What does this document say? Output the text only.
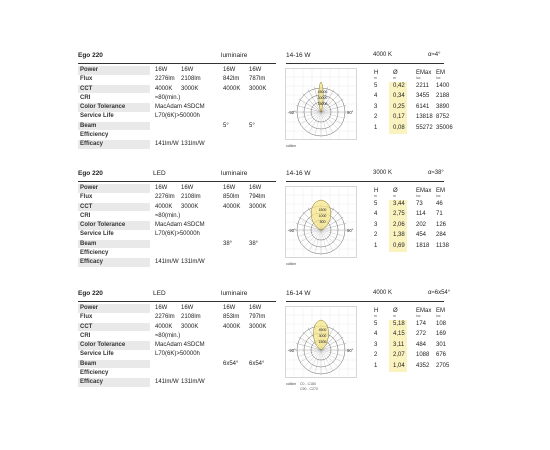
Ego 220	luminaire
Power	16W 16W	16W 16W
Flux	2276lm 2108lm	842lm 787lm
CCT	4000K 3000K	4000K 3000K
CRI	≈80(min.)
Color Tolerance	MacAdam 4SDCM
Service Life	L70(6K)>50000h
Beam	5°	5°
Efficiency
Efficacy	141lm/W 131lm/W
14-16 W	4000 K	α≈4°
45000
30000
15000
-90°	90°
cd/klm
H
m
Ø
m
EMax
lux
EM
lux
5	0,42 2211 1400
4	0,34 3455 2188
3	0,25 6141 3890
2	0,17 13818 8752
1	0,08 55272 35006
Ego 220	LED	luminaire
Power	16W 16W	16W 16W
Flux	2276lm 2108lm	850lm 794lm
CCT	4000K 3000K	4000K 3000K
CRI	≈80(min.)
Color Tolerance	MacAdam 4SDCM
Service Life	L70(6K)>50000h
Beam	38°	38°
Efficiency
Efficacy	141lm/W 131lm/W
14-16 W	3000 K	α≈38°
1500
1000
500
-90°	90°
cd/klm
H
m
Ø
m
EMax
lux
EM
lux
5	3,44 73 46
4	2,75 114 71
3	2,06 202 126
2	1,38 454 284
1	0,69 1818 1138
Ego 220	LED	luminaire
Power	16W 16W	16W 16W
Flux	2276lm 2108lm	853lm 797lm
CCT	4000K 3000K	4000K 3000K
CRI	≈80(min.)
Color Tolerance	MacAdam 4SDCM
Service Life	L70(6K)>50000h
Beam	6x54° 6x54°
Efficiency
Efficacy	141lm/W 131lm/W
16-14 W	4000 K	α≈6x54°
4500
3000
1500
-90°	90°
cd/klm C0 - C180
C90 - C270
H
m
Ø
m
EMax
lux
EM
lux
5	5,18 174 108
4	4,15 272 169
3	3,11 484 301
2	2,07 1088 676
1	1,04 4352 2705
